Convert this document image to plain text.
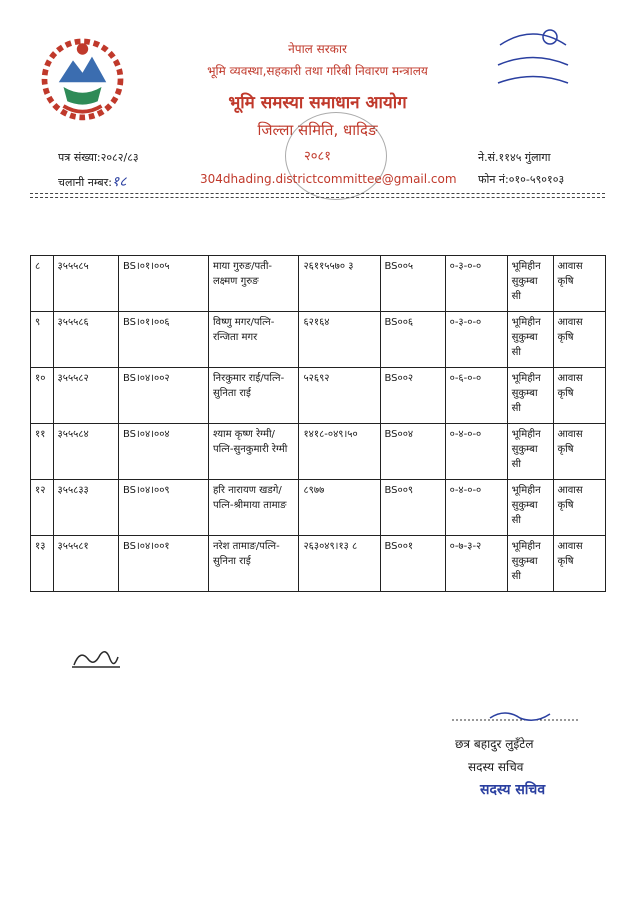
नेपाल सरकार
भूमि व्यवस्था,सहकारी तथा गरिबी निवारण मन्त्रालय
भूमि समस्या समाधान आयोग
जिल्ला समिति, धादिङ
२०८१
पत्र संख्या:२०८२/८३
चलानी नम्बर:१८	304dhading.districtcommittee@gmail.com
ने.सं.११४५ गुंलागा
फोन नं:०१०-५९०१०३
८	३५५५८५	BS।०१।००५	माया गुरुङ/पती-लक्ष्मण गुरुङ	२६११५५७० ३	BS००५	०-३-०-०	भूमिहीन सुकुम्बा सी	आवास कृषि
९	३५५५८६	BS।०१।००६	विष्णु मगर/पत्नि-रन्जिता मगर	६२१६४	BS००६	०-३-०-०	भूमिहीन सुकुम्बा सी	आवास कृषि
१०	३५५५८२	BS।०४।००२	निरकुमार राई/पत्नि-सुनिता राई	५२६९२	BS००२	०-६-०-०	भूमिहीन सुकुम्बा सी	आवास कृषि
११	३५५५८४	BS।०४।००४	श्याम कृष्ण रेग्मी/पत्नि-सुनकुमारी रेग्मी	१४१८-०४९।५०	BS००४	०-४-०-०	भूमिहीन सुकुम्बा सी	आवास कृषि
१२	३५५८३३	BS।०४।००९	हरि नारायण खडगे/पत्नि-श्रीमाया तामाङ	८९७७	BS००९	०-४-०-०	भूमिहीन सुकुम्बा सी	आवास कृषि
१३	३५५५८१	BS।०४।००१	नरेश तामाङ/पत्नि-सुनिना राई	२६३०४९।१३ ८	BS००१	०-७-३-२	भूमिहीन सुकुम्बा सी	आवास कृषि
छत्र बहादुर लुइँटेल
सदस्य सचिव
सदस्य सचिव
